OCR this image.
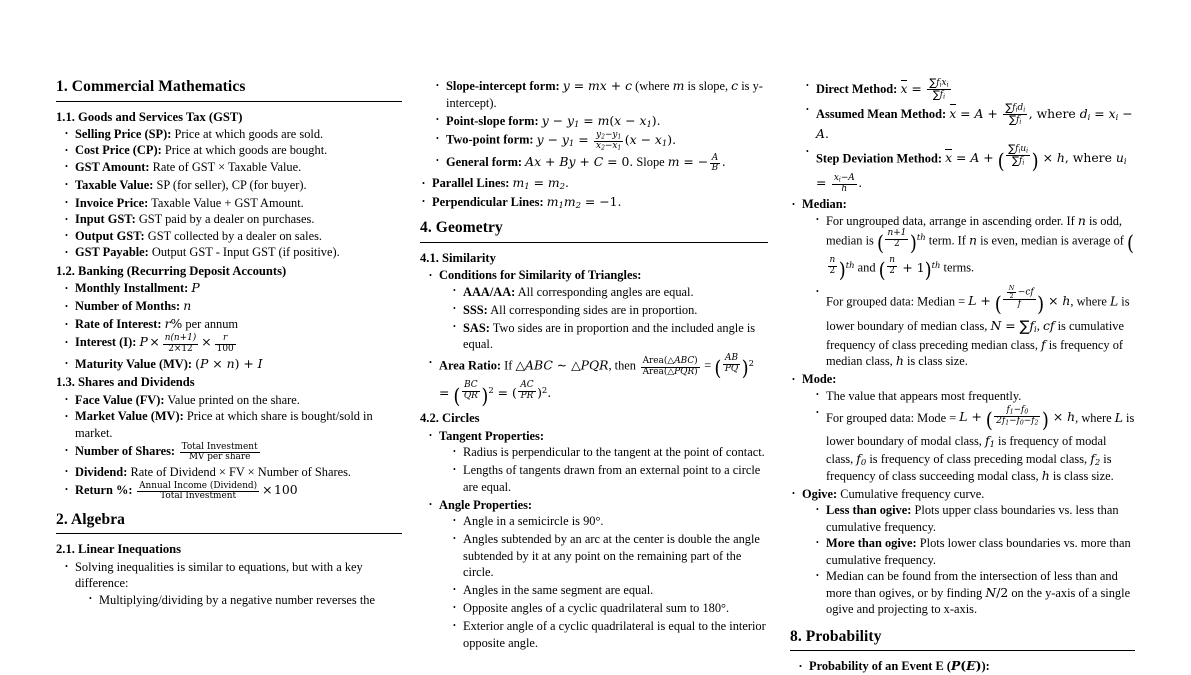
1. Commercial Mathematics
1.1. Goods and Services Tax (GST)
• Selling Price (SP): Price at which goods are sold.
• Cost Price (CP): Price at which goods are bought.
• GST Amount: Rate of GST × Taxable Value.
• Taxable Value: SP (for seller), CP (for buyer).
• Invoice Price: Taxable Value + GST Amount.
• Input GST: GST paid by a dealer on purchases.
• Output GST: GST collected by a dealer on sales.
• GST Payable: Output GST - Input GST (if positive).
1.2. Banking (Recurring Deposit Accounts)
• Monthly Installment: P
• Number of Months: n
• Rate of Interest: r% per annum
• Interest (I): $P \times \frac{n(n+1)}{2\times 12} \times \frac{r}{100}$
• Maturity Value (MV): (P × n) + I
1.3. Shares and Dividends
• Face Value (FV): Value printed on the share.
• Market Value (MV): Price at which share is bought/sold in market.
• Number of Shares: $\frac{\text{Total Investment}}{\text{MV per share}}$
• Dividend: Rate of Dividend × FV × Number of Shares.
• Return %: $\frac{\text{Annual Income (Dividend)}}{\text{Total Investment}} \times 100$
2. Algebra
2.1. Linear Inequations
• Solving inequalities is similar to equations, but with a key difference:
• Multiplying/dividing by a negative number reverses the
• Slope-intercept form: y = mx + c (where m is slope, c is y-intercept).
• Point-slope form: $y - y_1 = m(x - x_1)$.
• Two-point form: $y - y_1 = \frac{y_2-y_1}{x_2-x_1} (x - x_1)$.
• General form: Ax + By + C = 0. Slope m = − $\frac{A}{B}$ .
• Parallel Lines: $m_1 = m_2$.
• Perpendicular Lines: $m_1m_2 = -1$.
4. Geometry
4.1. Similarity
• Conditions for Similarity of Triangles:
• AAA/AA: All corresponding angles are equal.
• SSS: All corresponding sides are in proportion.
• SAS: Two sides are in proportion and the included angle is equal.
• Area Ratio: If △ABC ∼ △PQR, then $\frac{\text{Area(△ABC)}}{\text{Area(△PQR)}}$ = ( $\frac{AB}{PQ} )^2$ = ( $\frac{BC}{QR} )^2$ = ( $\frac{AC}{PR} )^2$.
4.2. Circles
• Tangent Properties:
• Radius is perpendicular to the tangent at the point of contact.
• Lengths of tangents drawn from an external point to a circle are equal.
• Angle Properties:
• Angle in a semicircle is 90°.
• Angles subtended by an arc at the center is double the angle subtended by it at any point on the remaining part of the circle.
• Angles in the same segment are equal.
• Opposite angles of a cyclic quadrilateral sum to 180°.
• Exterior angle of a cyclic quadrilateral is equal to the interior opposite angle.
• Direct Method: $x = \frac{\sum f_ix_i}{\sum f_i}$
• Assumed Mean Method: $x = A + \frac{\sum f_id_i}{\sum f_i}$ , where $d_i = x_i - A$.
• Step Deviation Method: x = A + ( $\frac{\sum f_iu_i}{\sum f_i}$ ) × h, where $u_i = \frac{x_i-A}{h}$ .
• Median:
• For ungrouped data, arrange in ascending order. If n is odd, median is ( $\frac{n+1}{2} )^{th}$ term. If n is even, median is average of (
$\frac{n}{2} )^{th}$ and ( $\frac{n}{2} + 1)^{th}$ terms.
• For grouped data: Median = L + ( $\frac{\frac{N}{2} -cf}{f}$ ) × h, where L is lower boundary of median class, $N = \sum f_i$, cf is cumulative frequency of class preceding median class, f is frequency of median class, h is class size.
• Mode:
• The value that appears most frequently.
• For grouped data: Mode = L + ( $\frac{f_1-f_0}{2f_1-f_0-f_2}$ ) × h, where L is lower boundary of modal class, $f_1$ is frequency of modal class, $f_0$ is frequency of class preceding modal class, $f_2$ is frequency of class succeeding modal class, h is class size.
• Ogive: Cumulative frequency curve.
• Less than ogive: Plots upper class boundaries vs. less than cumulative frequency.
• More than ogive: Plots lower class boundaries vs. more than cumulative frequency.
• Median can be found from the intersection of less than and more than ogives, or by finding N/2 on the y-axis of a single ogive and projecting to x-axis.
8. Probability
• Probability of an Event E (P(E)):
